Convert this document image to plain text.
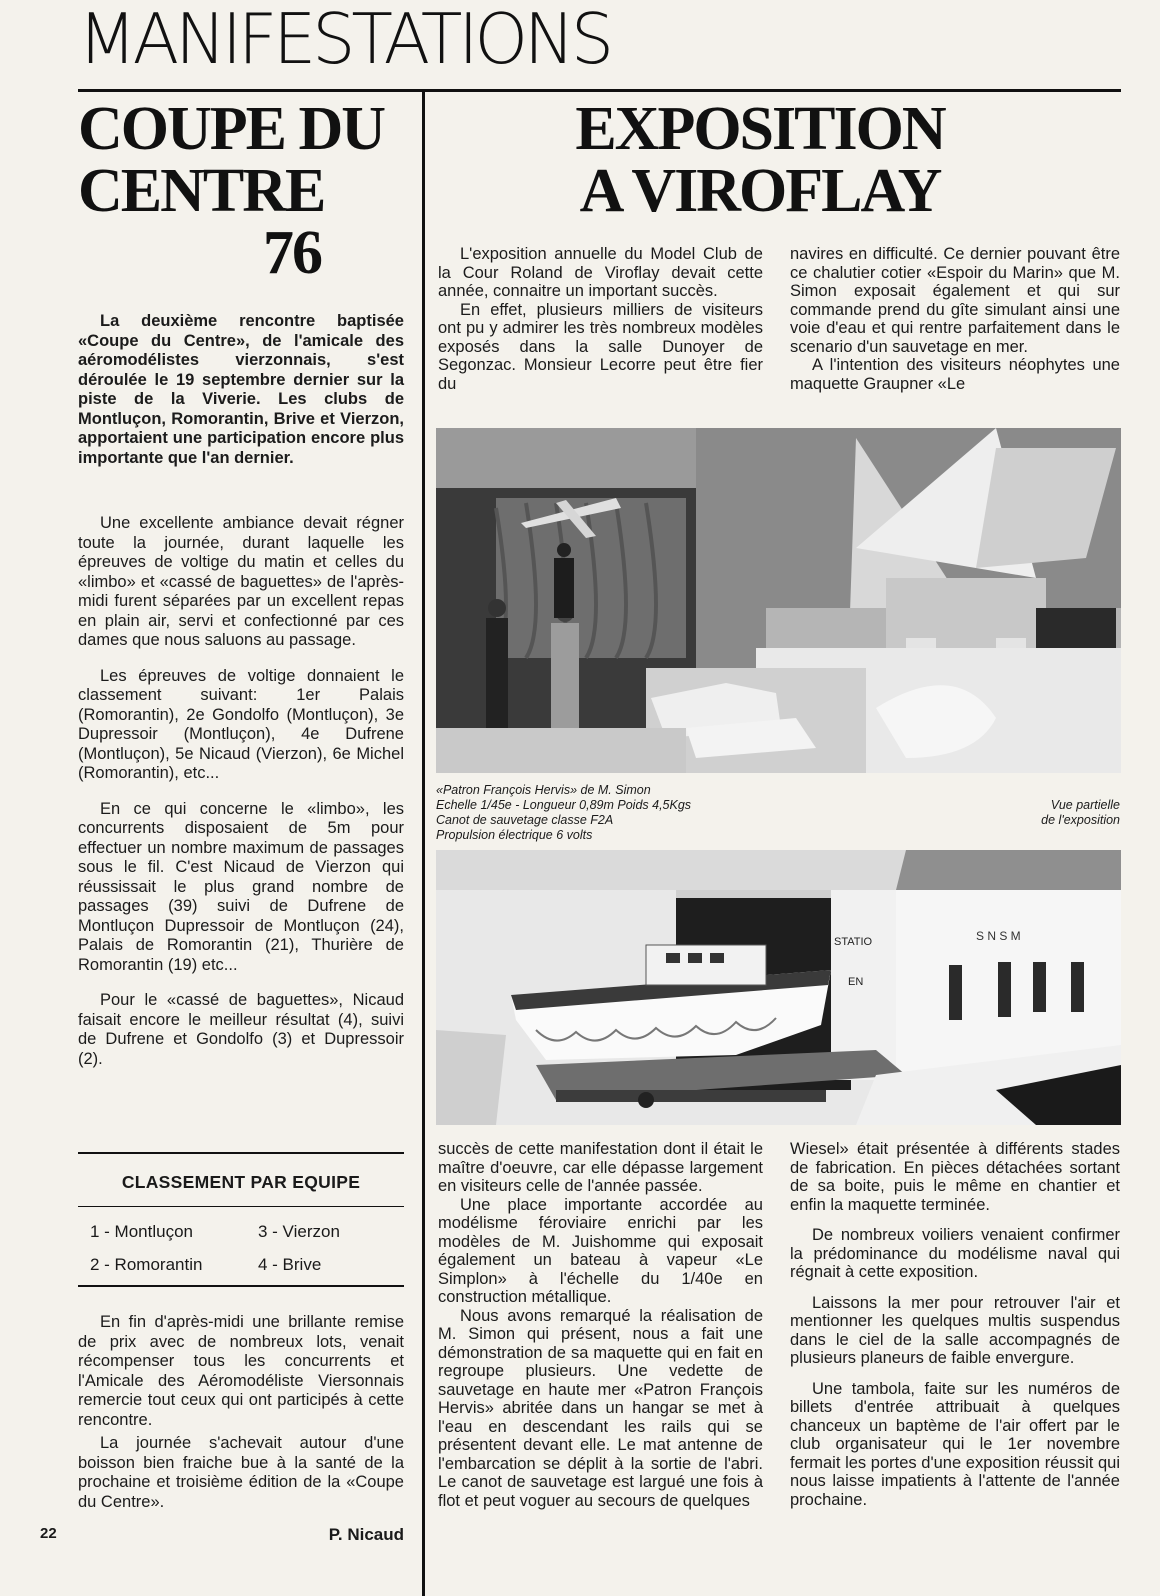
MANIFESTATIONS
COUPE DU
CENTRE
76

La deuxième rencontre baptisée «Coupe du Centre», de l'amicale des aéromodélistes vierzonnais, s'est déroulée le 19 septembre dernier sur la piste de la Viverie. Les clubs de Montluçon, Romorantin, Brive et Vierzon, apportaient une participation encore plus importante que l'an dernier.

Une excellente ambiance devait régner toute la journée, durant laquelle les épreuves de voltige du matin et celles du «limbo» et «cassé de baguettes» de l'après-midi furent séparées par un excellent repas en plain air, servi et confectionné par ces dames que nous saluons au passage.

Les épreuves de voltige donnaient le classement suivant: 1er Palais (Romorantin), 2e Gondolfo (Montluçon), 3e Dupressoir (Montluçon), 4e Dufrene (Montluçon), 5e Nicaud (Vierzon), 6e Michel (Romorantin), etc...

En ce qui concerne le «limbo», les concurrents disposaient de 5m pour effectuer un nombre maximum de passages sous le fil. C'est Nicaud de Vierzon qui réussissait le plus grand nombre de passages (39) suivi de Dufrene de Montluçon Dupressoir de Montluçon (24), Palais de Romorantin (21), Thurière de Romorantin (19) etc...

Pour le «cassé de baguettes», Nicaud faisait encore le meilleur résultat (4), suivi de Dufrene et Gondolfo (3) et Dupressoir (2).

CLASSEMENT PAR EQUIPE
1 - Montluçon	3 - Vierzon
2 - Romorantin	4 - Brive

En fin d'après-midi une brillante remise de prix avec de nombreux lots, venait récompenser tous les concurrents et l'Amicale des Aéromodéliste Viersonnais remercie tout ceux qui ont participés à cette rencontre.

La journée s'achevait autour d'une boisson bien fraiche bue à la santé de la prochaine et troisième édition de la «Coupe du Centre».

22	P. Nicaud
EXPOSITION
A VIROFLAY

L'exposition annuelle du Model Club de la Cour Roland de Viroflay devait cette année, connaitre un important succès.

En effet, plusieurs milliers de visiteurs ont pu y admirer les très nombreux modèles exposés dans la salle Dunoyer de Segonzac. Monsieur Lecorre peut être fier du

navires en difficulté. Ce dernier pouvant être ce chalutier cotier «Espoir du Marin» que M. Simon exposait également et qui sur commande prend du gîte simulant ainsi une voie d'eau et qui rentre parfaitement dans le scenario d'un sauvetage en mer.

A l'intention des visiteurs néophytes une maquette Graupner «Le

«Patron François Hervis» de M. Simon
Echelle 1/45e - Longueur 0,89m Poids 4,5Kgs
Canot de sauvetage classe F2A
Propulsion électrique 6 volts
Vue partielle
de l'exposition
S N S M
STATIO
EN

succès de cette manifestation dont il était le maître d'oeuvre, car elle dépasse largement en visiteurs celle de l'année passée.

Une place importante accordée au modélisme féroviaire enrichi par les modèles de M. Juishomme qui exposait également un bateau à vapeur «Le Simplon» à l'échelle du 1/40e en construction métallique.

Nous avons remarqué la réalisation de M. Simon qui présent, nous a fait une démonstration de sa maquette qui en fait en regroupe plusieurs. Une vedette de sauvetage en haute mer «Patron François Hervis» abritée dans un hangar se met à l'eau en descendant les rails qui se présentent devant elle. Le mat antenne de l'embarcation se déplit à la sortie de l'abri. Le canot de sauvetage est largué une fois à flot et peut voguer au secours de quelques

Wiesel» était présentée à différents stades de fabrication. En pièces détachées sortant de sa boite, puis le même en chantier et enfin la maquette terminée.

De nombreux voiliers venaient confirmer la prédominance du modélisme naval qui régnait à cette exposition.

Laissons la mer pour retrouver l'air et mentionner les quelques multis suspendus dans le ciel de la salle accompagnés de plusieurs planeurs de faible envergure.

Une tambola, faite sur les numéros de billets d'entrée attribuait à quelques chanceux un baptème de l'air offert par le club organisateur qui le 1er novembre fermait les portes d'une exposition réussit qui nous laisse impatients à l'attente de l'année prochaine.
